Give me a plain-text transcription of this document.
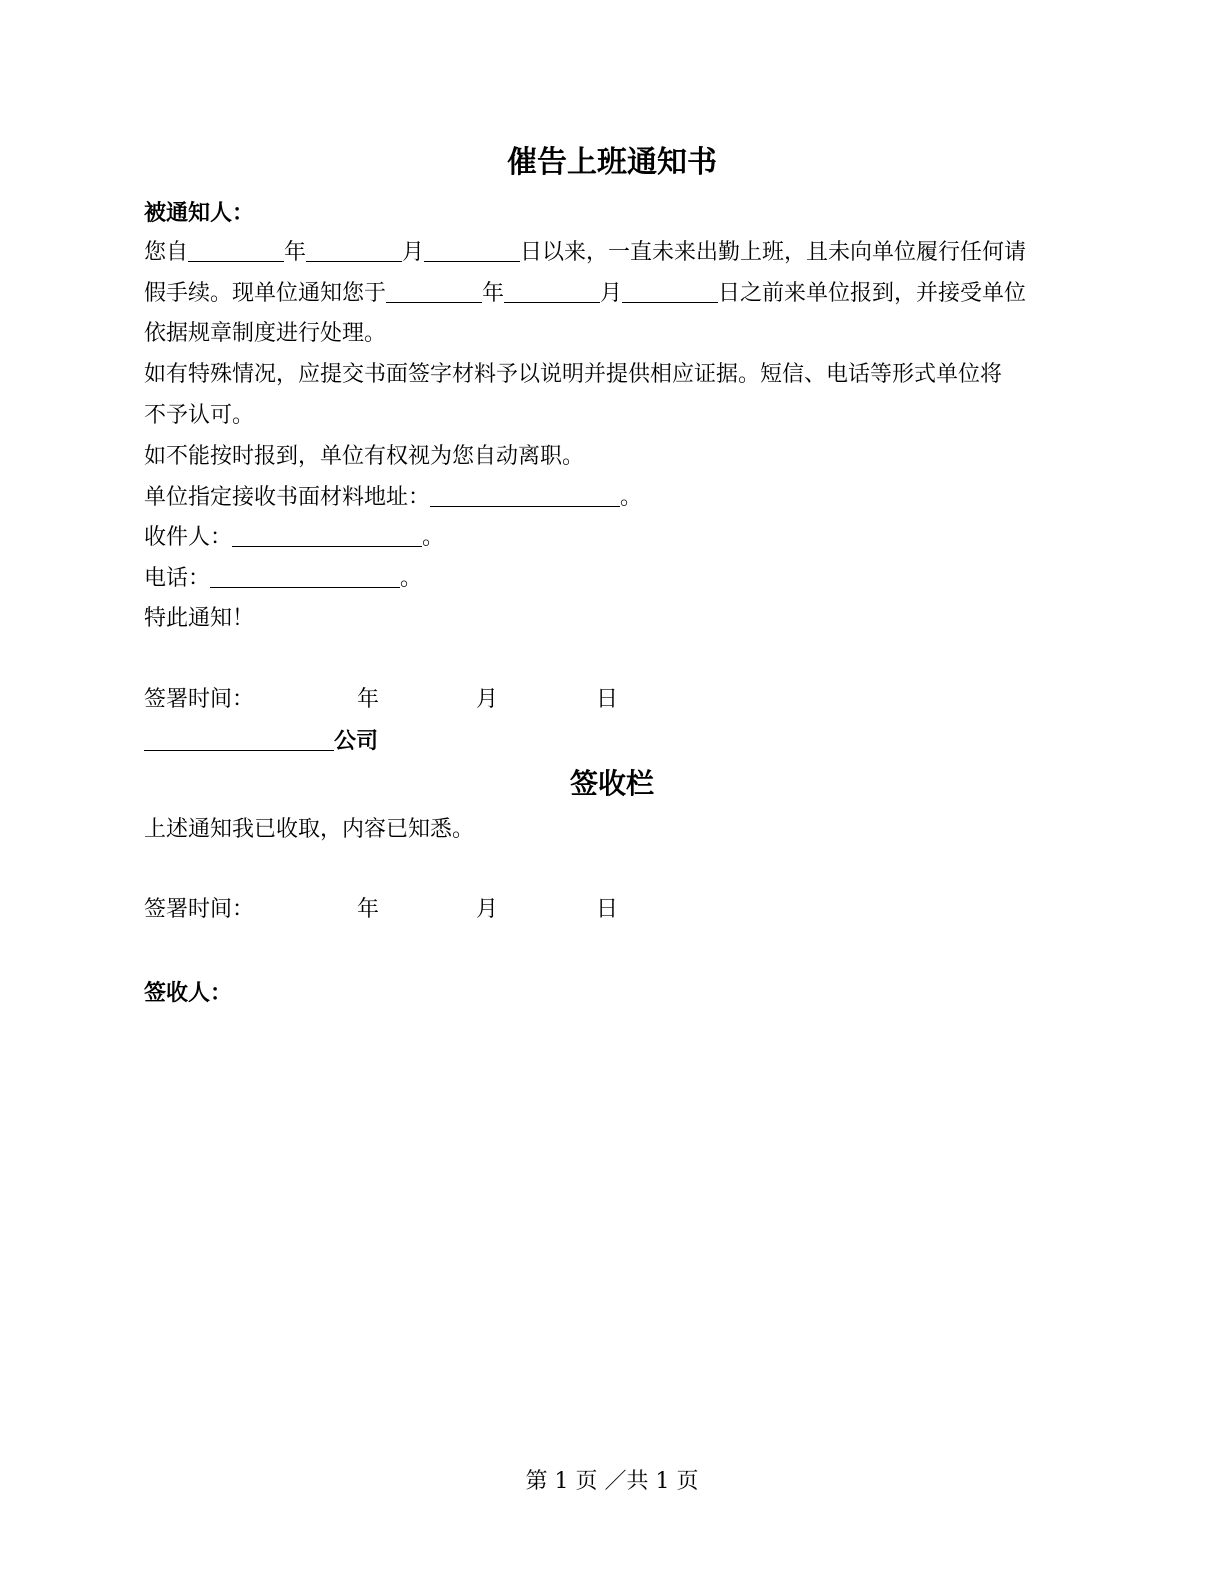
催告上班通知书
被通知人：
您自	年	月	日以来，一直未来出勤上班，且未向单位履行任何请
假手续。现单位通知您于	年	月	日之前来单位报到，并接受单位
依据规章制度进行处理。
如有特殊情况，应提交书面签字材料予以说明并提供相应证据。短信、电话等形式单位将
不予认可。
如不能按时报到，单位有权视为您自动离职。
单位指定接收书面材料地址：	。
收件人：	。
电话：	。
特此通知！
签署时间：	年	月	日
公司
签收栏
上述通知我已收取，内容已知悉。
签署时间：	年	月	日
签收人：
第 1 页 ／共 1 页
